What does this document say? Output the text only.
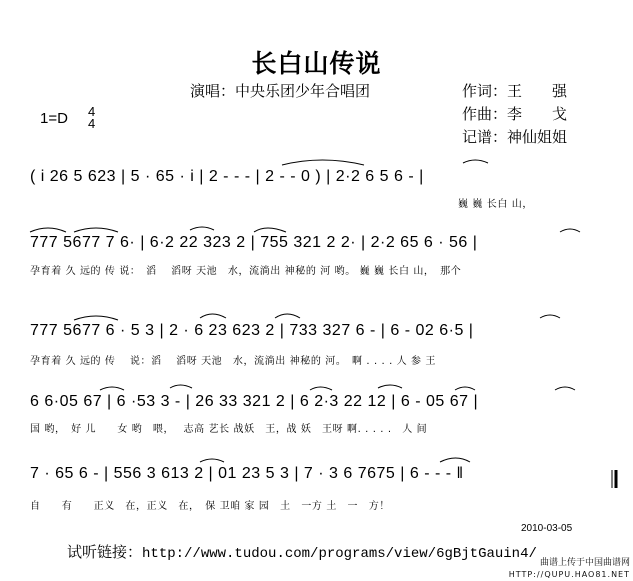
长白山传说
演唱：中央乐团少年合唱团	作词：王　　强
作曲：李　　戈
记谱：神仙姐姐
1=D 4
4
( i 26 5 623 | 5 · 65 · i | 2 - - - | 2 - - 0 ) | 2·2 6 5 6 - |
巍 巍 长白 山，
777 5677 7 6· | 6·2 22 323 2 | 755 321 2 2· | 2·2 65 6 · 56 |
孕育着 久 远的 传 说：　滔　 滔呀 天池　水，流淌出 神秘的 河 哟。 巍 巍 长白 山，　那个
777 5677 6 · 5 3 | 2 · 6 23 623 2 | 733 327 6 - | 6 - 02 6·5 |
孕育着 久 远的 传　 说：滔　 滔呀 天池　水，流淌出 神秘的 河。　啊 . . . . 人 参 王
6 6·05 67 | 6 ·53 3 - | 26 33 321 2 | 6 2·3 22 12 | 6 - 05 67 |
国 哟，　好 儿　　女 哟　喂，　 志高 艺长 战妖　王，战 妖　王呀 啊. . . . .　人 间
7 · 65 6 - | 556 3 613 2 | 01 23 5 3 | 7 · 3 6 7675 | 6 - - - ‖
自　　有　　正义　在，正义　在，　保 卫咱 家 园　土　一方 土　一　方！
2010-03-05
试听链接：http://www.tudou.com/programs/view/6gBjtGauin4/
曲谱上传于中国曲谱网
HTTP://QUPU.HAO81.NET
